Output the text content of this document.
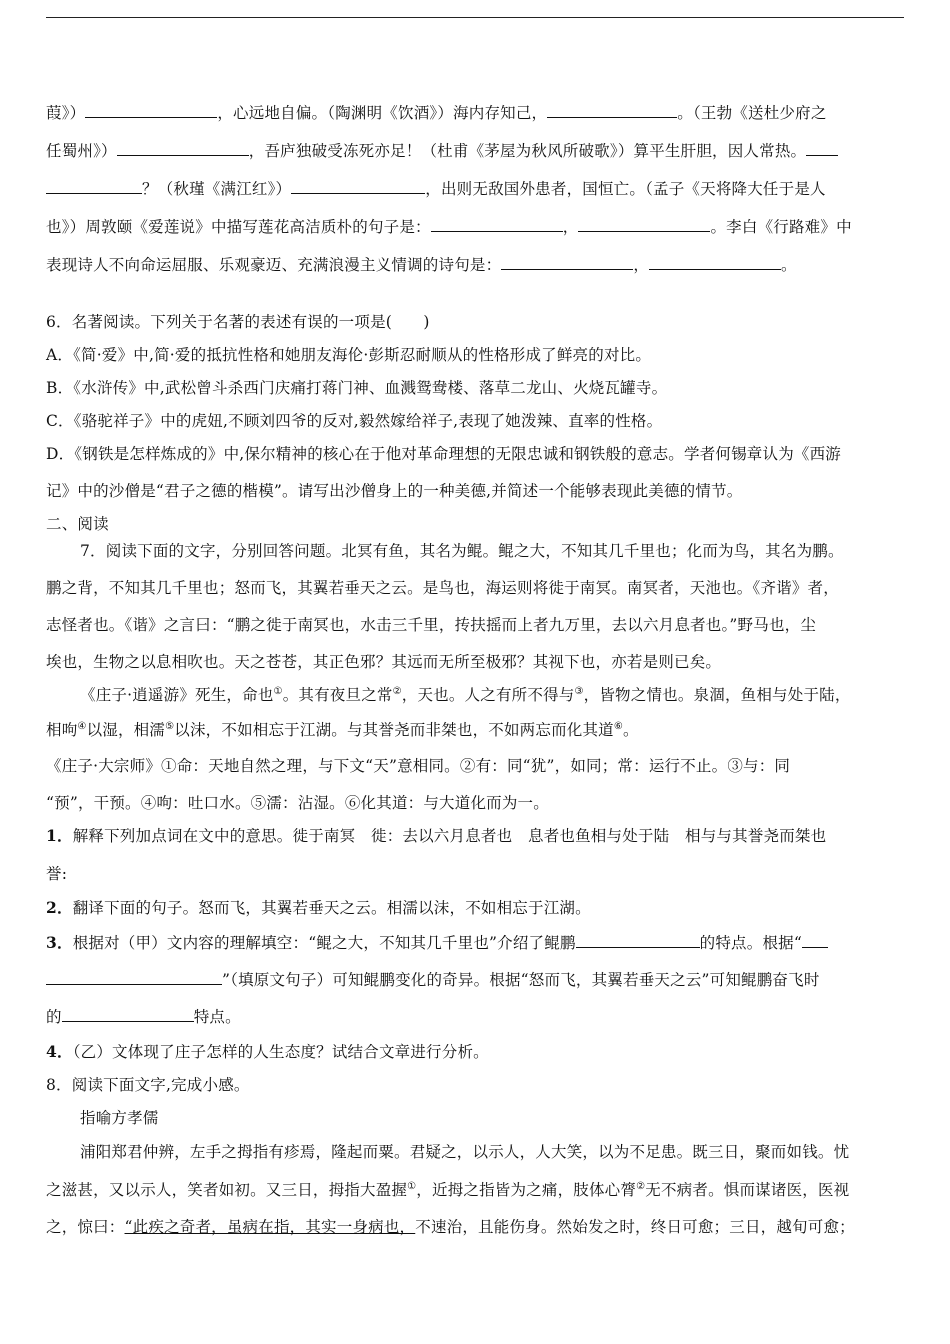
葭》）	，心远地自偏。（陶渊明《饮酒》）海内存知己，	。（王勃《送杜少府之
任蜀州》）	，吾庐独破受冻死亦足！（杜甫《茅屋为秋风所破歌》）算平生肝胆，因人常热。
？（秋瑾《满江红》）	，出则无敌国外患者，国恒亡。（孟子《天将降大任于是人
也》）周敦颐《爱莲说》中描写莲花高洁质朴的句子是：	，	。李白《行路难》中
表现诗人不向命运屈服、乐观豪迈、充满浪漫主义情调的诗句是：	，	。
6．名著阅读。下列关于名著的表述有误的一项是(　　)
A．《简·爱》中,简·爱的抵抗性格和她朋友海伦·彭斯忍耐顺从的性格形成了鲜亮的对比。
B．《水浒传》中,武松曾斗杀西门庆痛打蒋门神、血溅鸳鸯楼、落草二龙山、火烧瓦罐寺。
C．《骆驼祥子》中的虎妞,不顾刘四爷的反对,毅然嫁给祥子,表现了她泼辣、直率的性格。
D．《钢铁是怎样炼成的》中,保尔精神的核心在于他对革命理想的无限忠诚和钢铁般的意志。学者何锡章认为《西游
记》中的沙僧是“君子之德的楷模”。请写出沙僧身上的一种美德,并简述一个能够表现此美德的情节。
二、阅读
7．阅读下面的文字，分别回答问题。北冥有鱼，其名为鲲。鲲之大，不知其几千里也；化而为鸟，其名为鹏。
鹏之背，不知其几千里也；怒而飞，其翼若垂天之云。是鸟也，海运则将徙于南冥。南冥者，天池也。《齐谐》者，
志怪者也。《谐》之言曰：“鹏之徙于南冥也，水击三千里，抟扶摇而上者九万里，去以六月息者也。”野马也，尘
埃也，生物之以息相吹也。天之苍苍，其正色邪？其远而无所至极邪？其视下也，亦若是则已矣。
《庄子·逍遥游》死生，命也①。其有夜旦之常②，天也。人之有所不得与③，皆物之情也。泉涸，鱼相与处于陆，
相呴④以湿，相濡⑤以沫，不如相忘于江湖。与其誉尧而非桀也，不如两忘而化其道⑥。
《庄子·大宗师》①命：天地自然之理，与下文“天”意相同。②有：同“犹”，如同；常：运行不止。③与：同
“预”，干预。④呴：吐口水。⑤濡：沾湿。⑥化其道：与大道化而为一。
1．解释下列加点词在文中的意思。徙于南冥　徙：去以六月息者也　息者也鱼相与处于陆　相与与其誉尧而桀也
誉:
2．翻译下面的句子。怒而飞，其翼若垂天之云。相濡以沫，不如相忘于江湖。
3．根据对（甲）文内容的理解填空：“鲲之大，不知其几千里也”介绍了鲲鹏	的特点。根据“
”（填原文句子）可知鲲鹏变化的奇异。根据“怒而飞，其翼若垂天之云”可知鲲鹏奋飞时
的	特点。
4．（乙）文体现了庄子怎样的人生态度？试结合文章进行分析。
8．阅读下面文字,完成小感。
指喻方孝儒
浦阳郑君仲辨，左手之拇指有疹焉，隆起而粟。君疑之，以示人，人大笑，以为不足患。既三日，聚而如钱。忧
之滋甚，又以示人，笑者如初。又三日，拇指大盈握①，近拇之指皆为之痛，肢体心膂②无不病者。惧而谋诸医，医视
之，惊曰：“此疾之奇者，虽病在指，其实一身病也，不速治，且能伤身。然始发之时，终日可愈；三日，越旬可愈；
